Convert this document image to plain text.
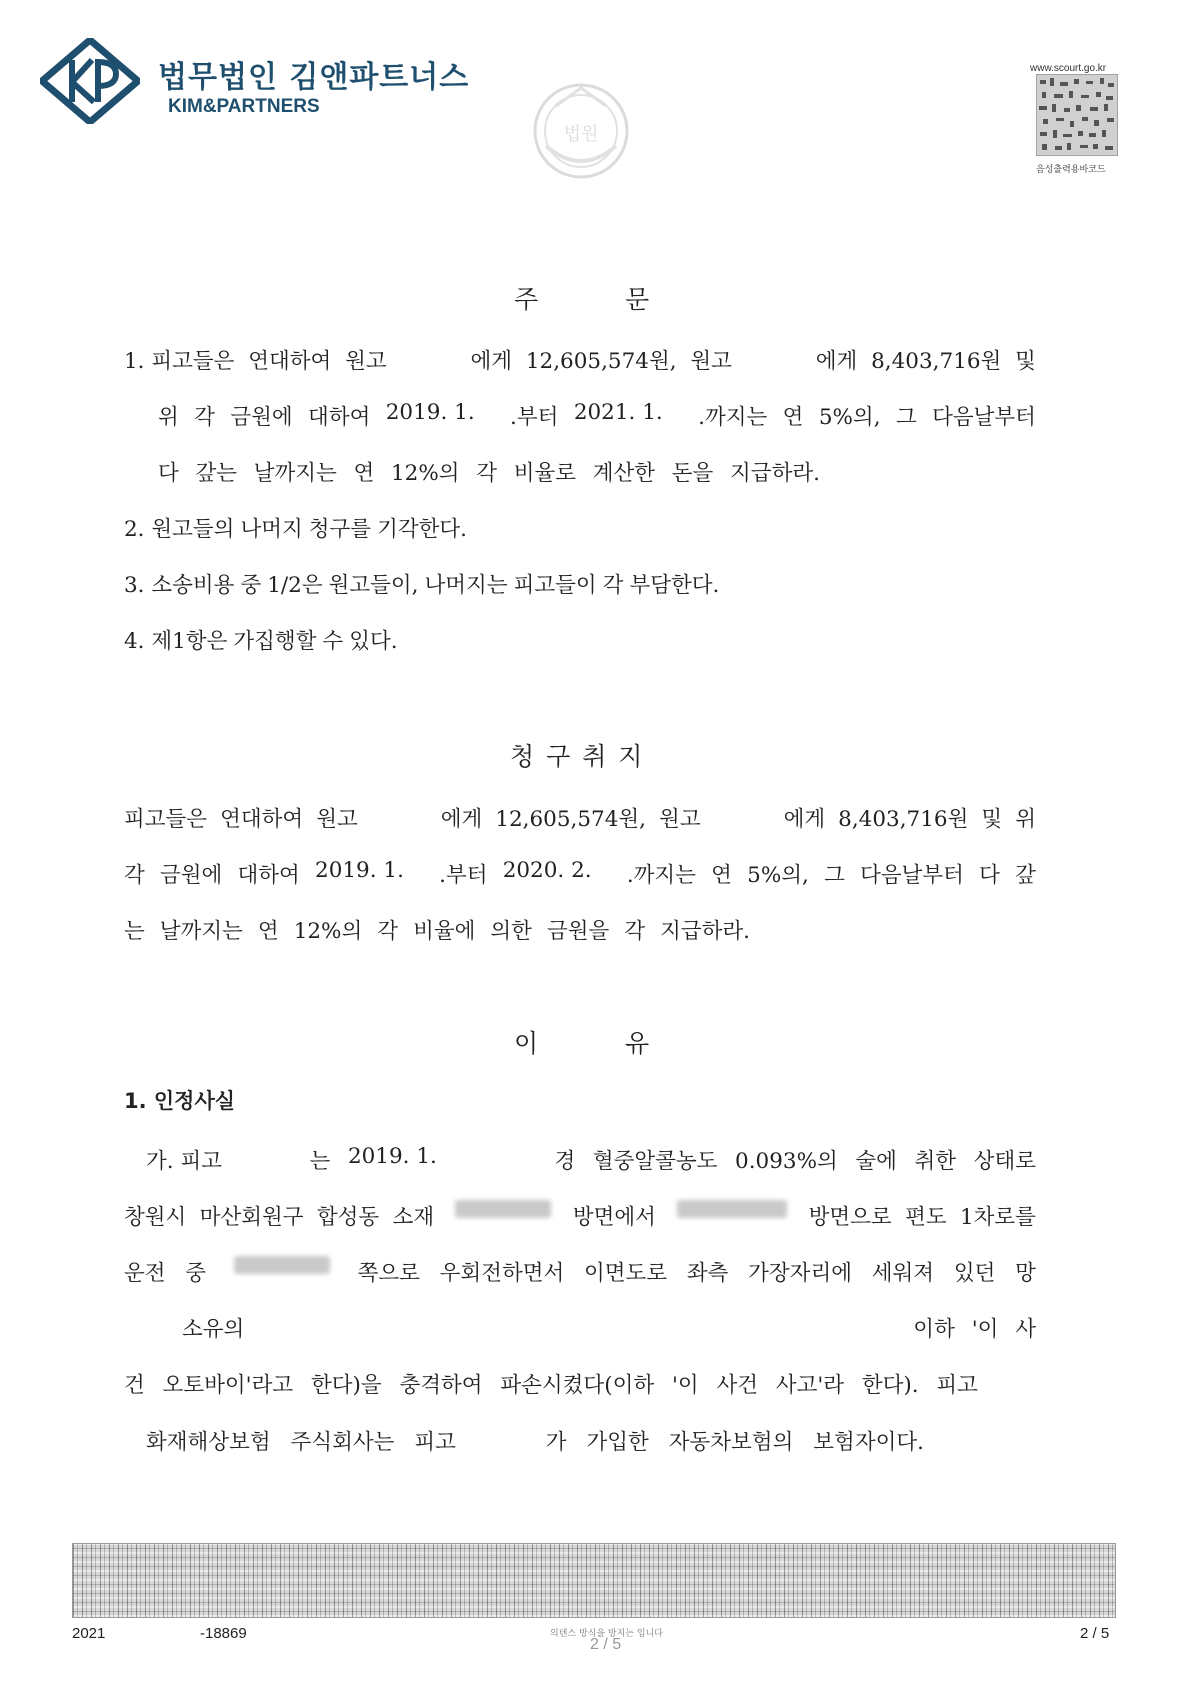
법무법인 김앤파트너스
KIM&PARTNERS
법원
www.scourt.go.kr
음성출력용바코드
주	문
1. 피고들은 연대하여 원고	에게 12,605,574원, 원고	에게 8,403,716원 및
위 각 금원에 대하여 2019. 1. .부터 2021. 1. .까지는 연 5%의, 그 다음날부터
다 갚는 날까지는 연 12%의 각 비율로 계산한 돈을 지급하라.
2. 원고들의 나머지 청구를 기각한다.
3. 소송비용 중 1/2은 원고들이, 나머지는 피고들이 각 부담한다.
4. 제1항은 가집행할 수 있다.
청 구 취 지
피고들은 연대하여 원고	에게 12,605,574원, 원고	에게 8,403,716원 및 위
각 금원에 대하여 2019. 1. .부터 2020. 2. .까지는 연 5%의, 그 다음날부터 다 갚
는 날까지는 연 12%의 각 비율에 의한 금원을 각 지급하라.
이	유
1. 인정사실
가. 피고	는 2019. 1.	경 혈중알콜농도 0.093%의 술에 취한 상태로
창원시 마산회원구 합성동 소재	방면에서	방면으로 편도 1차로를
운전 중	쪽으로 우회전하면서 이면도로 좌측 가장자리에 세워져 있던 망
소유의	이하 '이 사
건 오토바이'라고 한다)을 충격하여 파손시켰다(이하 '이 사건 사고'라 한다). 피고
화재해상보험 주식회사는 피고	가 가입한 자동차보험의 보험자이다.
2021	-18869	의텐스 방식을 방지는 입니다
2 / 5
2 / 5
